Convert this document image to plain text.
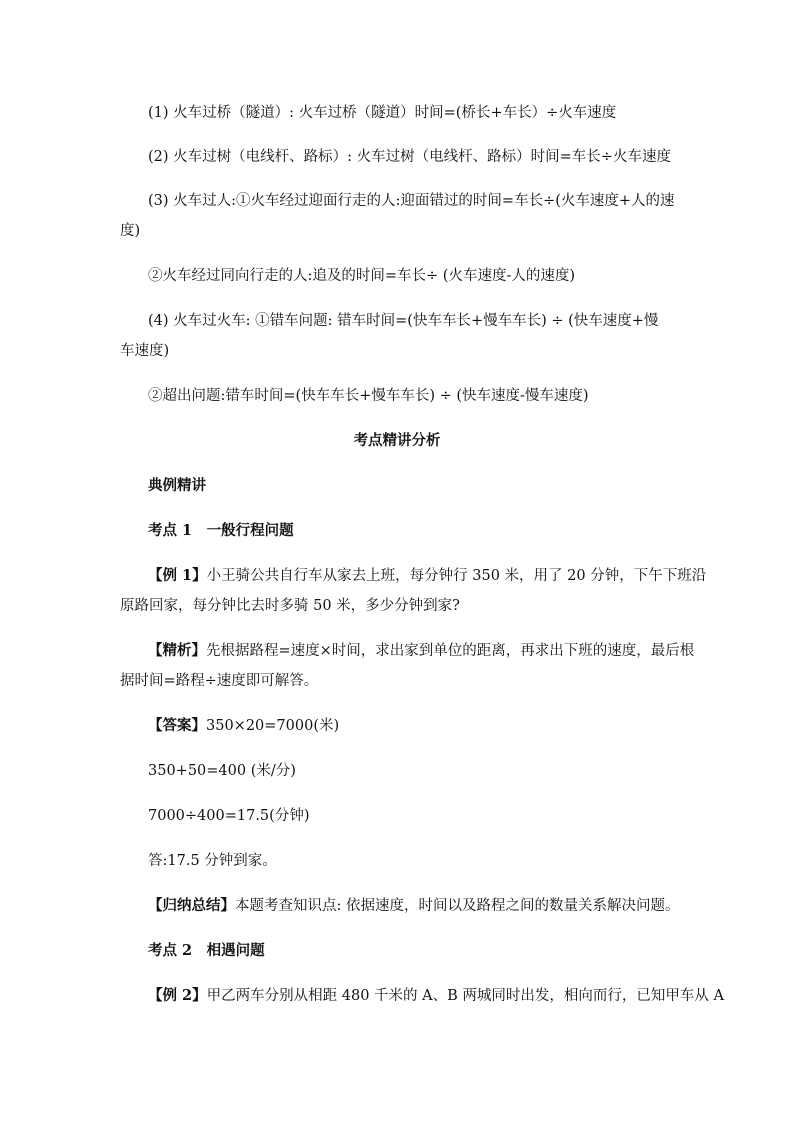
(1) 火车过桥（隧道）: 火车过桥（隧道）时间=(桥长+车长）÷火车速度
(2) 火车过树（电线杆、路标）: 火车过树（电线杆、路标）时间=车长÷火车速度
(3) 火车过人:①火车经过迎面行走的人:迎面错过的时间=车长÷(火车速度+人的速
度)
②火车经过同向行走的人:追及的时间=车长÷ (火车速度-人的速度)
(4) 火车过火车: ①错车问题: 错车时间=(快车车长+慢车车长) ÷ (快车速度+慢
车速度)
②超出问题:错车时间=(快车车长+慢车车长) ÷ (快车速度-慢车速度)
考点精讲分析
典例精讲
考点 1　一般行程问题
【例 1】小王骑公共自行车从家去上班，每分钟行 350 米，用了 20 分钟，下午下班沿
原路回家，每分钟比去时多骑 50 米，多少分钟到家?
【精析】先根据路程=速度×时间，求出家到单位的距离，再求出下班的速度，最后根
据时间=路程÷速度即可解答。
【答案】350×20=7000(米)
350+50=400 (米/分)
7000÷400=17.5(分钟)
答:17.5 分钟到家。
【归纳总结】本题考查知识点: 依据速度，时间以及路程之间的数量关系解决问题。
考点 2　相遇问题
【例 2】甲乙两车分别从相距 480 千米的 A、B 两城同时出发，相向而行，已知甲车从 A
